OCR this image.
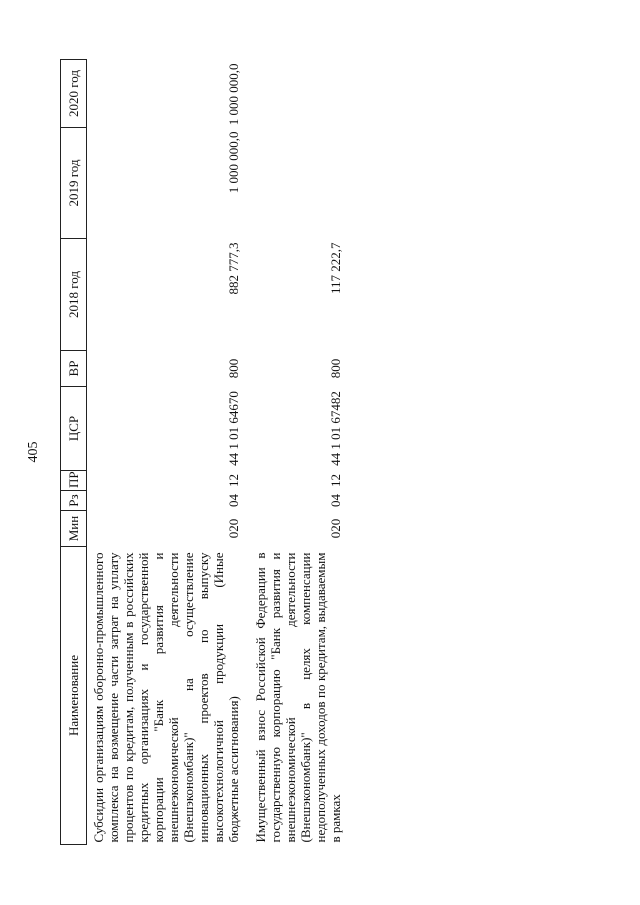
405
Наименование	Мин	Рз	ПР	ЦСР	ВР	2018 год	2019 год	2020 год
Субсидии организациям оборонно-промышленного комплекса на возмещение части затрат на уплату процентов по кредитам, полученным в российских кредитных организациях и государственной корпорации "Банк развития и внешнеэкономической деятельности (Внешэкономбанк)" на осуществление инновационных проектов по выпуску высокотехнологичной продукции (Иные бюджетные ассигнования)	020	04	12	44 1 01 64670	800	882 777,3	1 000 000,0	1 000 000,0
Имущественный взнос Российской Федерации в государственную корпорацию "Банк развития и внешнеэкономической деятельности (Внешэкономбанк)" в целях компенсации недополученных доходов по кредитам, выдаваемым в рамках	020	04	12	44 1 01 67482	800	117 222,7		
